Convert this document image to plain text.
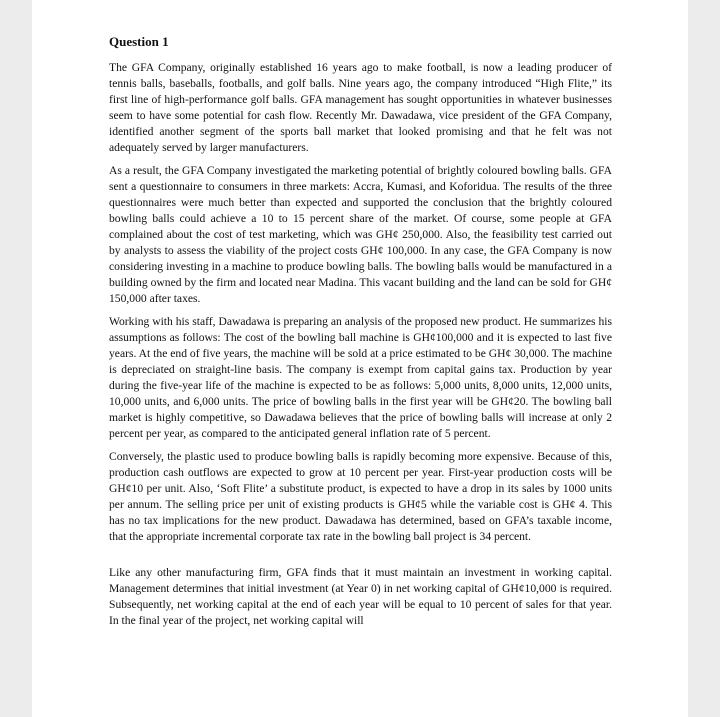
Question 1

The GFA Company, originally established 16 years ago to make football, is now a leading producer of tennis balls, baseballs, footballs, and golf balls. Nine years ago, the company introduced “High Flite,” its first line of high-performance golf balls. GFA management has sought opportunities in whatever businesses seem to have some potential for cash flow. Recently Mr. Dawadawa, vice president of the GFA Company, identified another segment of the sports ball market that looked promising and that he felt was not adequately served by larger manufacturers.

As a result, the GFA Company investigated the marketing potential of brightly coloured bowling balls. GFA sent a questionnaire to consumers in three markets: Accra, Kumasi, and Koforidua. The results of the three questionnaires were much better than expected and supported the conclusion that the brightly coloured bowling balls could achieve a 10 to 15 percent share of the market. Of course, some people at GFA complained about the cost of test marketing, which was GH¢ 250,000. Also, the feasibility test carried out by analysts to assess the viability of the project costs GH¢ 100,000. In any case, the GFA Company is now considering investing in a machine to produce bowling balls. The bowling balls would be manufactured in a building owned by the firm and located near Madina. This vacant building and the land can be sold for GH¢ 150,000 after taxes.

Working with his staff, Dawadawa is preparing an analysis of the proposed new product. He summarizes his assumptions as follows: The cost of the bowling ball machine is GH¢100,000 and it is expected to last five years. At the end of five years, the machine will be sold at a price estimated to be GH¢ 30,000. The machine is depreciated on straight-line basis. The company is exempt from capital gains tax. Production by year during the five-year life of the machine is expected to be as follows: 5,000 units, 8,000 units, 12,000 units, 10,000 units, and 6,000 units. The price of bowling balls in the first year will be GH¢20. The bowling ball market is highly competitive, so Dawadawa believes that the price of bowling balls will increase at only 2 percent per year, as compared to the anticipated general inflation rate of 5 percent.

Conversely, the plastic used to produce bowling balls is rapidly becoming more expensive. Because of this, production cash outflows are expected to grow at 10 percent per year. First-year production costs will be GH¢10 per unit. Also, ‘Soft Flite’ a substitute product, is expected to have a drop in its sales by 1000 units per annum. The selling price per unit of existing products is GH¢5 while the variable cost is GH¢ 4. This has no tax implications for the new product. Dawadawa has determined, based on GFA’s taxable income, that the appropriate incremental corporate tax rate in the bowling ball project is 34 percent.

Like any other manufacturing firm, GFA finds that it must maintain an investment in working capital. Management determines that initial investment (at Year 0) in net working capital of GH¢10,000 is required. Subsequently, net working capital at the end of each year will be equal to 10 percent of sales for that year. In the final year of the project, net working capital will
